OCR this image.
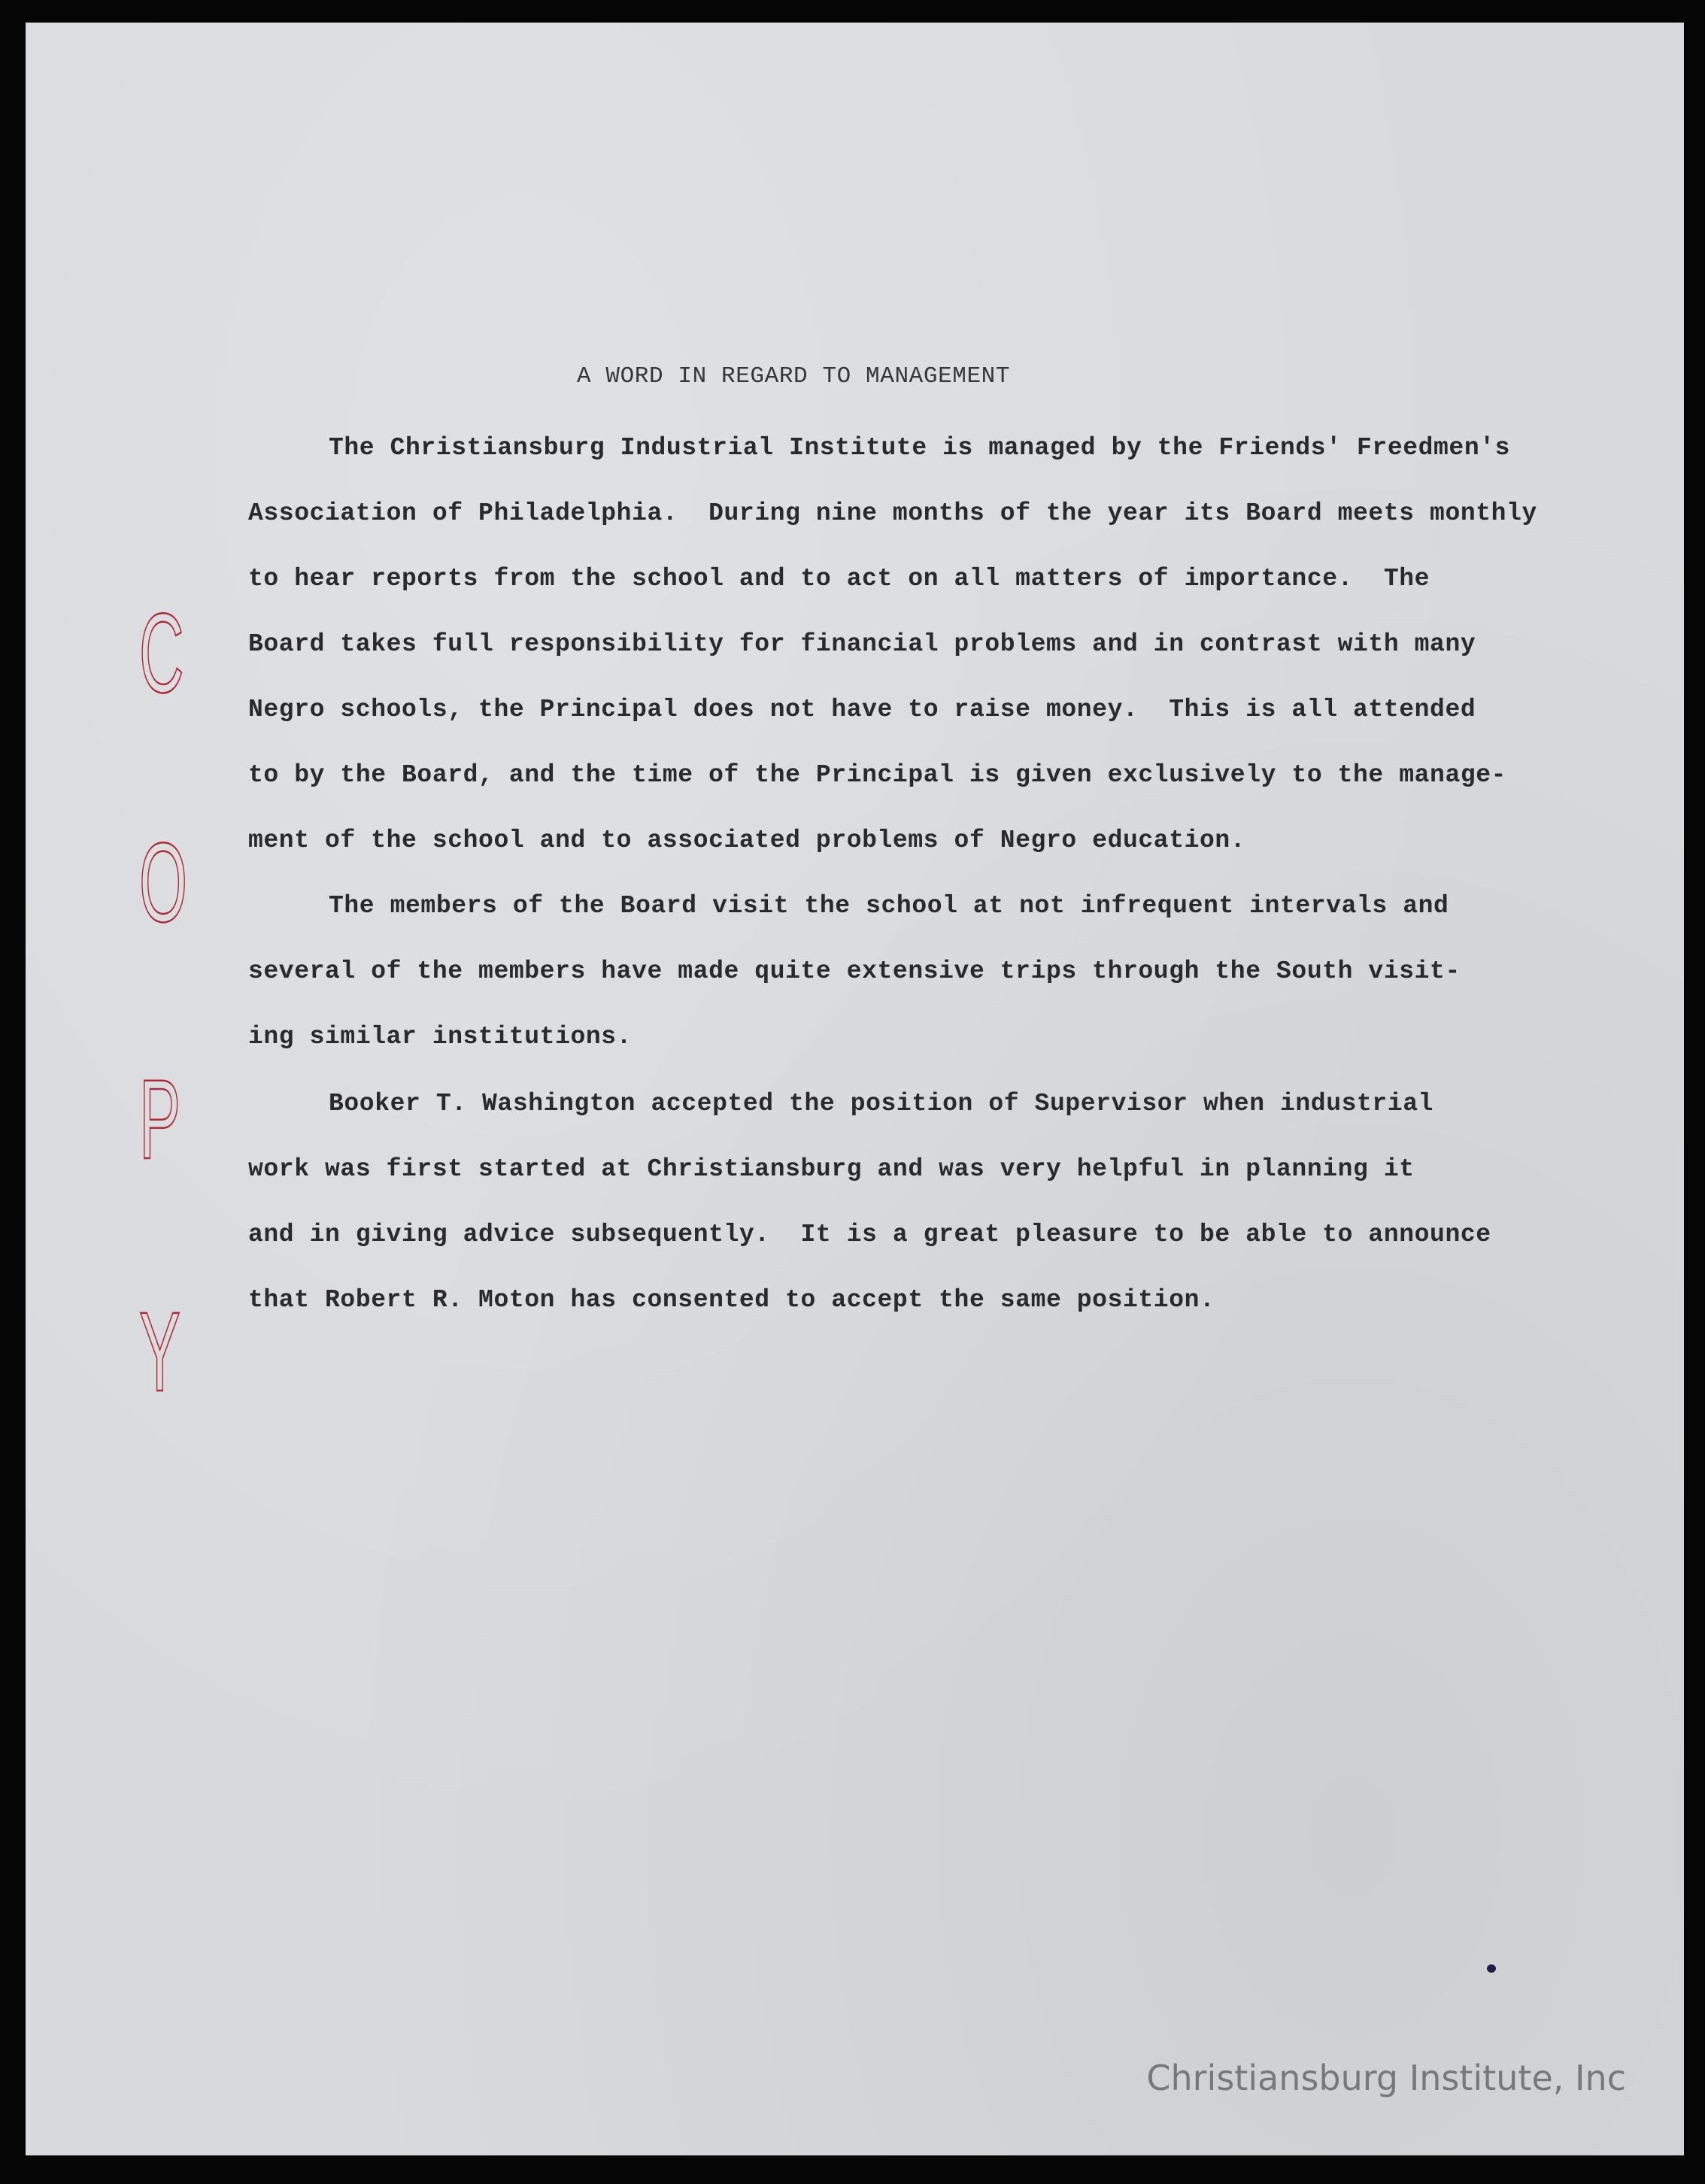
A WORD IN REGARD TO MANAGEMENT
The Christiansburg Industrial Institute is managed by the Friends' Freedmen's
Association of Philadelphia.  During nine months of the year its Board meets monthly
to hear reports from the school and to act on all matters of importance.  The
Board takes full responsibility for financial problems and in contrast with many
Negro schools, the Principal does not have to raise money.  This is all attended
to by the Board, and the time of the Principal is given exclusively to the manage-
ment of the school and to associated problems of Negro education.
The members of the Board visit the school at not infrequent intervals and
several of the members have made quite extensive trips through the South visit-
ing similar institutions.
Booker T. Washington accepted the position of Supervisor when industrial
work was first started at Christiansburg and was very helpful in planning it
and in giving advice subsequently.  It is a great pleasure to be able to announce
that Robert R. Moton has consented to accept the same position.
C
O
P
Y
Christiansburg Institute, Inc
